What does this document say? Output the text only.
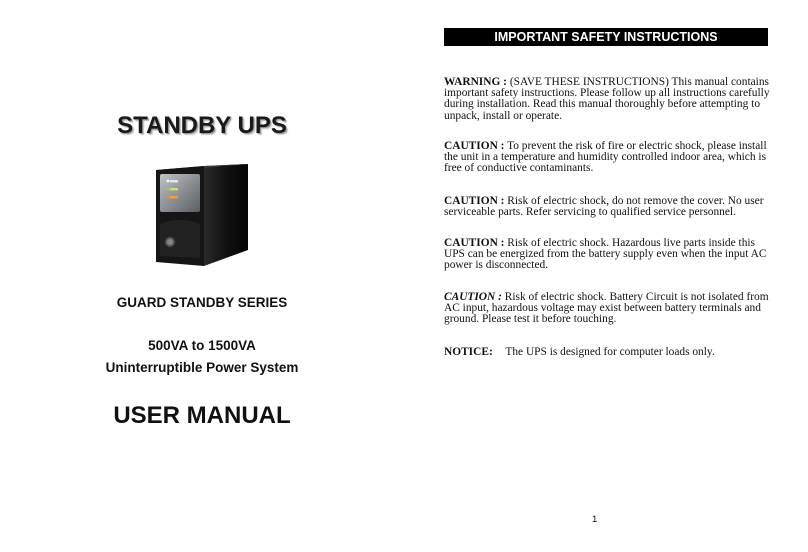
STANDBY UPS
GUARD STANDBY SERIES
500VA to 1500VA
Uninterruptible Power System
USER MANUAL
IMPORTANT SAFETY INSTRUCTIONS
WARNING : (SAVE THESE INSTRUCTIONS) This manual contains important safety instructions. Please follow up all instructions carefully during installation. Read this manual thoroughly before attempting to unpack, install or operate.
CAUTION : To prevent the risk of fire or electric shock, please install the unit in a temperature and humidity controlled indoor area, which is free of conductive contaminants.
CAUTION : Risk of electric shock, do not remove the cover. No user serviceable parts. Refer servicing to qualified service personnel.
CAUTION : Risk of electric shock. Hazardous live parts inside this UPS can be energized from the battery supply even when the input AC power is disconnected.
CAUTION : Risk of electric shock. Battery Circuit is not isolated from AC input, hazardous voltage may exist between battery terminals and ground. Please test it before touching.
NOTICE: The UPS is designed for computer loads only.
1
